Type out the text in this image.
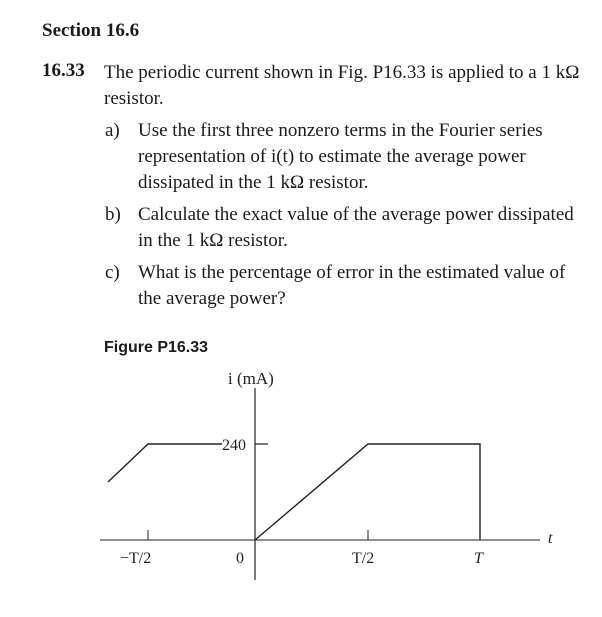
Section 16.6
16.33 The periodic current shown in Fig. P16.33 is applied to a 1 kΩ resistor.
a) Use the first three nonzero terms in the Fourier series representation of i(t) to estimate the average power dissipated in the 1 kΩ resistor.
b) Calculate the exact value of the average power dissipated in the 1 kΩ resistor.
c) What is the percentage of error in the estimated value of the average power?
Figure P16.33
i (mA)
240
t
−T/2	0	T/2	T
